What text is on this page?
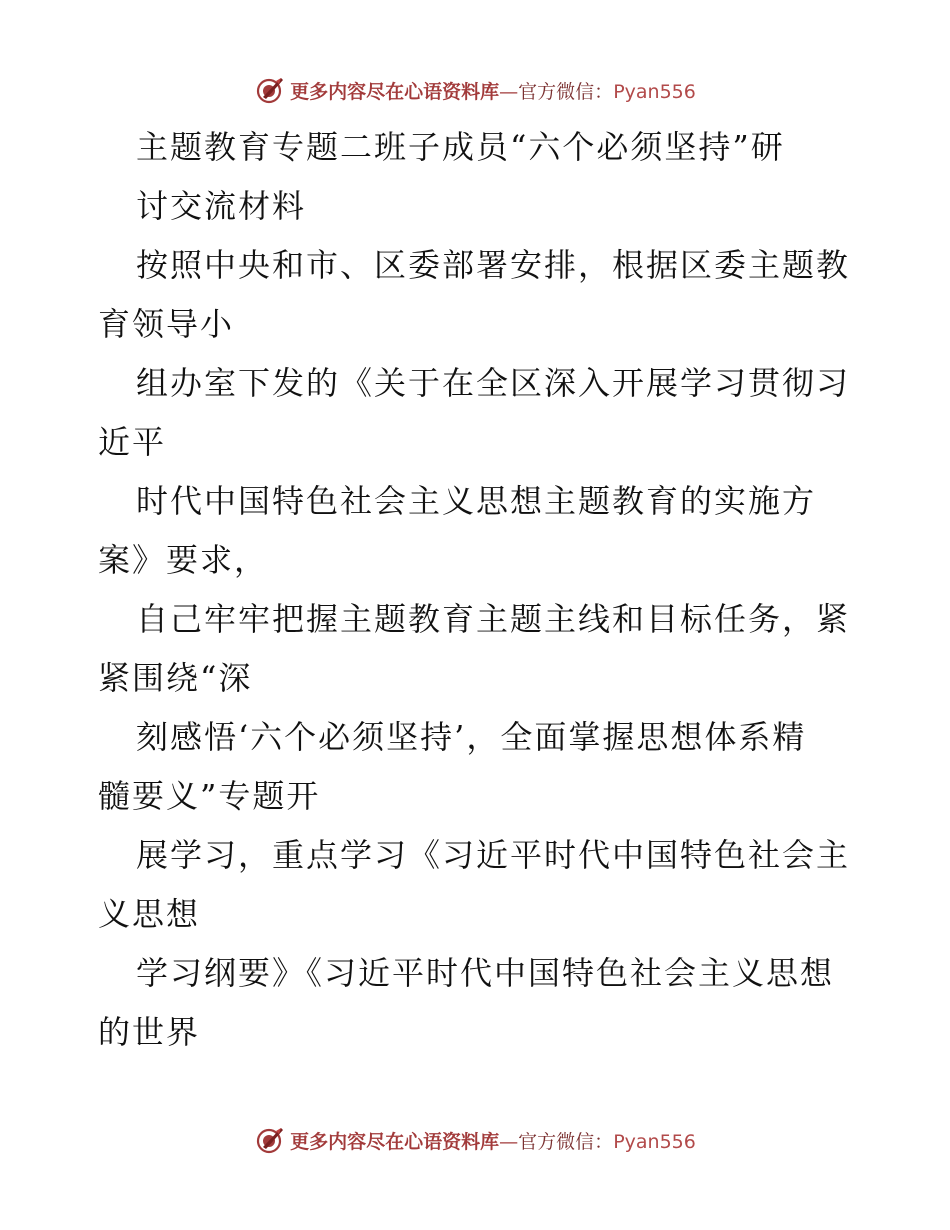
更多内容尽在心语资料库—官方微信：Pyan556
主题教育专题二班子成员“六个必须坚持”研
讨交流材料
按照中央和市、区委部署安排，根据区委主题教
育领导小
组办室下发的《关于在全区深入开展学习贯彻习
近平
时代中国特色社会主义思想主题教育的实施方
案》要求，
自己牢牢把握主题教育主题主线和目标任务，紧
紧围绕“深
刻感悟‘六个必须坚持’，全面掌握思想体系精
髓要义”专题开
展学习，重点学习《习近平时代中国特色社会主
义思想
学习纲要》《习近平时代中国特色社会主义思想
的世界
更多内容尽在心语资料库—官方微信：Pyan556
